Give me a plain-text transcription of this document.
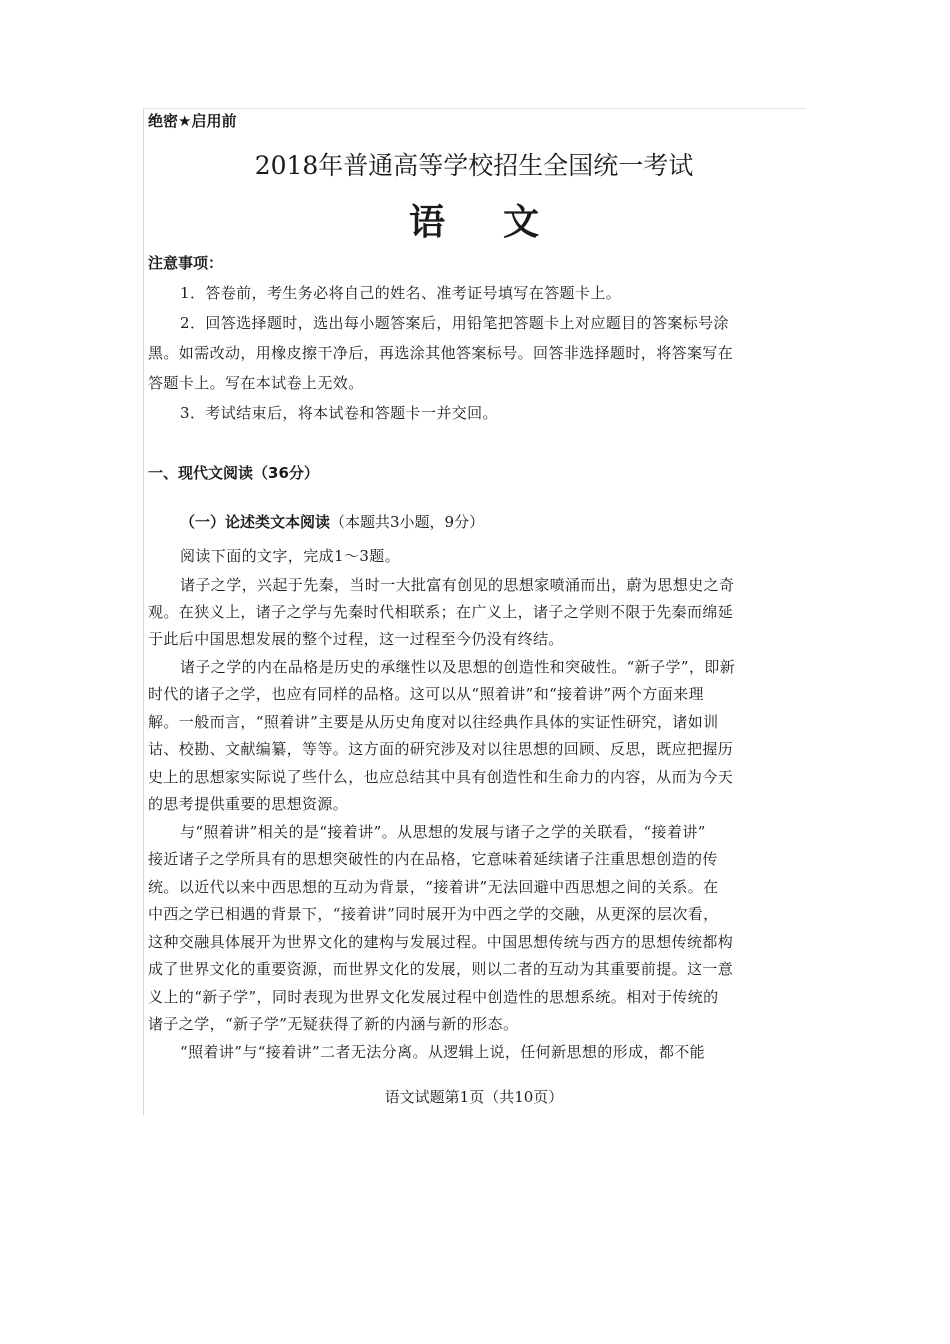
绝密★启用前
2018年普通高等学校招生全国统一考试
语文
注意事项：
1．答卷前，考生务必将自己的姓名、准考证号填写在答题卡上。
2．回答选择题时，选出每小题答案后，用铅笔把答题卡上对应题目的答案标号涂
黑。如需改动，用橡皮擦干净后，再选涂其他答案标号。回答非选择题时，将答案写在
答题卡上。写在本试卷上无效。
3．考试结束后，将本试卷和答题卡一并交回。
一、现代文阅读（36分）
（一）论述类文本阅读（本题共3小题，9分）
阅读下面的文字，完成1～3题。
诸子之学，兴起于先秦，当时一大批富有创见的思想家喷涌而出，蔚为思想史之奇
观。在狭义上，诸子之学与先秦时代相联系；在广义上，诸子之学则不限于先秦而绵延
于此后中国思想发展的整个过程，这一过程至今仍没有终结。
诸子之学的内在品格是历史的承继性以及思想的创造性和突破性。“新子学”，即新
时代的诸子之学，也应有同样的品格。这可以从“照着讲”和“接着讲”两个方面来理
解。一般而言，“照着讲”主要是从历史角度对以往经典作具体的实证性研究，诸如训
诂、校勘、文献编纂，等等。这方面的研究涉及对以往思想的回顾、反思，既应把握历
史上的思想家实际说了些什么，也应总结其中具有创造性和生命力的内容，从而为今天
的思考提供重要的思想资源。
与“照着讲”相关的是“接着讲”。从思想的发展与诸子之学的关联看，“接着讲”
接近诸子之学所具有的思想突破性的内在品格，它意味着延续诸子注重思想创造的传
统。以近代以来中西思想的互动为背景，“接着讲”无法回避中西思想之间的关系。在
中西之学已相遇的背景下，“接着讲”同时展开为中西之学的交融，从更深的层次看，
这种交融具体展开为世界文化的建构与发展过程。中国思想传统与西方的思想传统都构
成了世界文化的重要资源，而世界文化的发展，则以二者的互动为其重要前提。这一意
义上的“新子学”，同时表现为世界文化发展过程中创造性的思想系统。相对于传统的
诸子之学，“新子学”无疑获得了新的内涵与新的形态。
“照着讲”与“接着讲”二者无法分离。从逻辑上说，任何新思想的形成，都不能
语文试题第1页（共10页）
